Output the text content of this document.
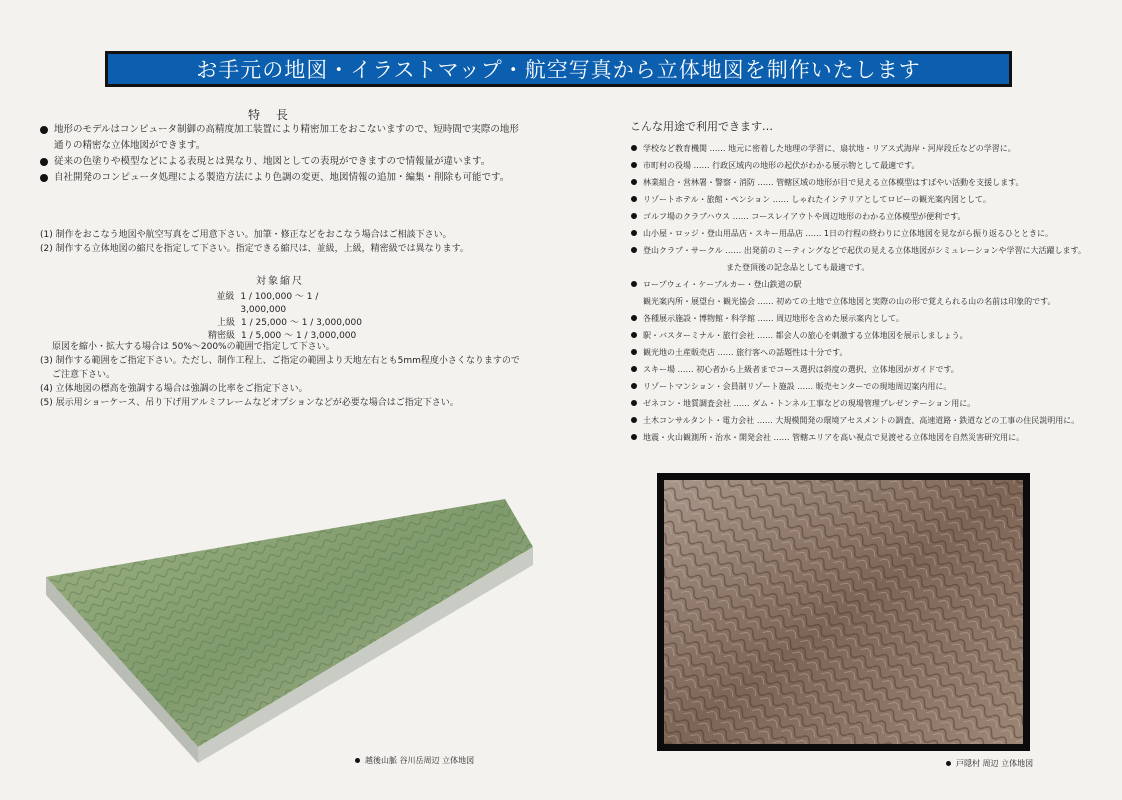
お手元の地図・イラストマップ・航空写真から立体地図を制作いたします
特 長
地形のモデルはコンピュータ制御の高精度加工装置により精密加工をおこないますので、短時間で実際の地形通りの精密な立体地図ができます。
従来の色塗りや模型などによる表現とは異なり、地図としての表現ができますので情報量が違います。
自社開発のコンピュータ処理による製造方法により色調の変更、地図情報の追加・編集・削除も可能です。
(1) 制作をおこなう地図や航空写真をご用意下さい。加筆・修正などをおこなう場合はご相談下さい。
(2) 制作する立体地図の縮尺を指定して下さい。指定できる縮尺は、並級，上級，精密級では異なります。
対象縮尺
並級 1 / 100,000 ～ 1 / 3,000,000
上級 1 / 25,000 ～ 1 / 3,000,000
精密級 1 / 5,000 ～ 1 / 3,000,000
原図を縮小・拡大する場合は 50%～200%の範囲で指定して下さい。
(3) 制作する範囲をご指定下さい。ただし、制作工程上、ご指定の範囲より天地左右とも5mm程度小さくなりますので
ご注意下さい。
(4) 立体地図の標高を強調する場合は強調の比率をご指定下さい。
(5) 展示用ショーケース、吊り下げ用アルミフレームなどオプションなどが必要な場合はご指定下さい。
こんな用途で利用できます…
学校など教育機関 …… 地元に密着した地理の学習に、扇状地・リアス式海岸・河岸段丘などの学習に。
市町村の役場 …… 行政区域内の地形の起伏がわかる展示物として最適です。
林業組合・営林署・警察・消防 …… 管轄区域の地形が目で見える立体模型はすばやい活動を支援します。
リゾートホテル・旅館・ペンション …… しゃれたインテリアとしてロビーの観光案内図として。
ゴルフ場のクラブハウス …… コースレイアウトや周辺地形のわかる立体模型が便利です。
山小屋・ロッジ・登山用品店・スキー用品店 …… 1日の行程の終わりに立体地図を見ながら振り返るひとときに。
登山クラブ・サークル …… 出発前のミーティングなどで起伏の見える立体地図がシミュレーションや学習に大活躍します。
また登頂後の記念品としても最適です。
ロープウェイ・ケーブルカー・登山鉄道の駅
観光案内所・展望台・観光協会 …… 初めての土地で立体地図と実際の山の形で覚えられる山の名前は印象的です。
各種展示施設・博物館・科学館 …… 周辺地形を含めた展示案内として。
駅・バスターミナル・旅行会社 …… 都会人の旅心を刺激する立体地図を展示しましょう。
観光地の土産販売店 …… 旅行客への話題性は十分です。
スキー場 …… 初心者から上級者までコース選択は斜度の選択、立体地図がガイドです。
リゾートマンション・会員制リゾート施設 …… 販売センターでの現地周辺案内用に。
ゼネコン・地質調査会社 …… ダム・トンネル工事などの現場管理プレゼンテーション用に。
土木コンサルタント・電力会社 …… 大規模開発の環境アセスメントの調査、高速道路・鉄道などの工事の住民説明用に。
地震・火山観測所・治水・開発会社 …… 管轄エリアを高い視点で見渡せる立体地図を自然災害研究用に。
越後山脈 谷川岳周辺 立体地図	戸隠村 周辺 立体地図
